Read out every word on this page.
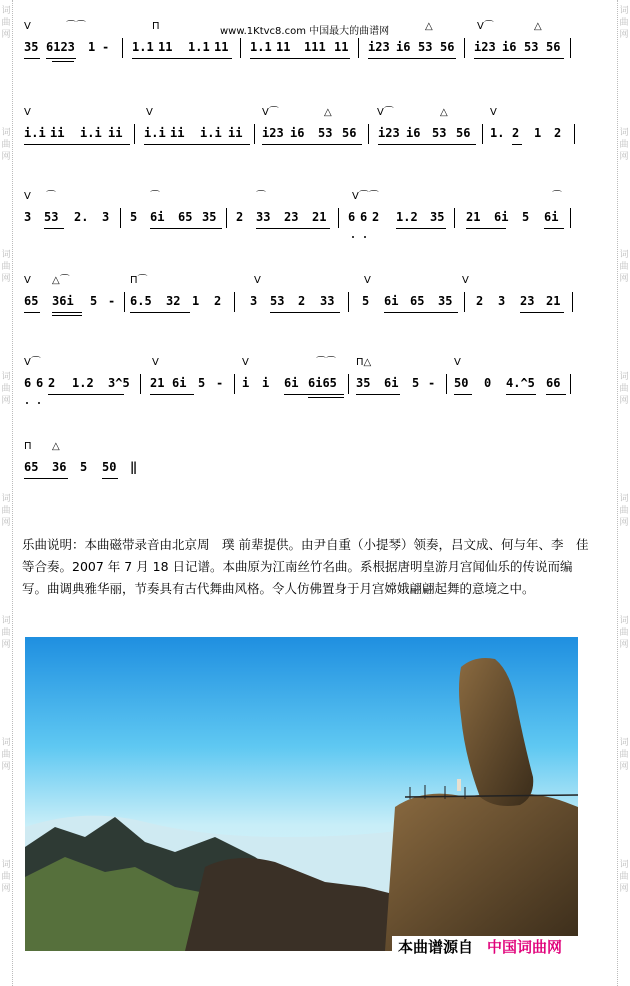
词	词
曲	曲
网	网
词	词
曲	曲
网	网
词	词
曲	曲
网	网
词	词
曲	曲
网	网
词	词
曲	曲
网	网
词	词
曲	曲
网	网
词	词
曲	曲
网	网
词	词
曲	曲
网	网
www.1Ktvc8.com 中国最大的曲谱网
V	⌒⌒	Π	V⌒
△	△
35 6123 1 - 1.1 11 1.1 11 1.1 11 111 11 i23 i6 53 56 i23 i6 53 56
V	V	V⌒	V⌒
△	△	V
i.i ii i.i ii i.i ii i.i ii i23 i6 53 56 i23 i6 53 56 1. 2 1 2
V ⌒	⌒	⌒	V⌒⌒	⌒
3 53 2. 3 5 6i 65 35 2 33 23 21 6 6 2 1.2 35 21 6i 5 6i
V △⌒	Π⌒	V	V	V
65 36i 5 - 6.5 32 1 2 3 53 2 33 5 6i 65 35 2 3 23 21
V⌒	V	V	⌒⌒ Π△	V
6 6 2 1.2 3^5 21 6i 5 - i i 6i 6i65 35 6i 5 - 50 0 4.^5 66
Π △
65 36 5 50 ‖

乐曲说明：本曲磁带录音由北京周　璞 前辈提供。由尹自重（小提琴）领奏，吕文成、何与年、李　佳等合奏。2007 年 7 月 18 日记谱。本曲原为江南丝竹名曲。系根据唐明皇游月宫闻仙乐的传说而编写。曲调典雅华丽，节奏具有古代舞曲风格。令人仿佛置身于月宫嫦娥翩翩起舞的意境之中。

本曲谱源自 中国词曲网
